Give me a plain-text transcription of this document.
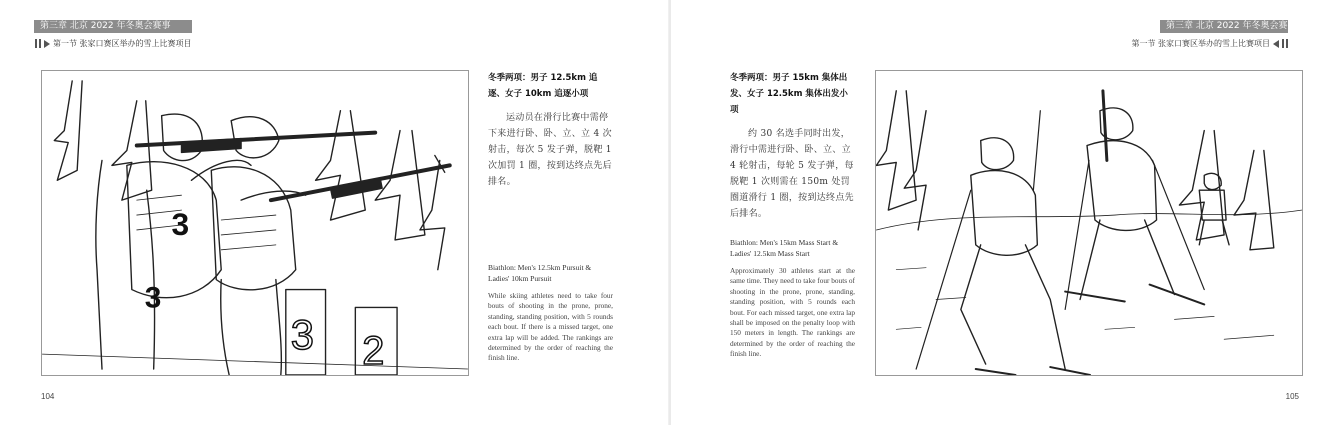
第三章 北京 2022 年冬奥会赛事
第一节 张家口赛区举办的雪上比赛项目
3
3
3 2
冬季两项：男子 12.5km 追逐、女子 10km 追逐小项
运动员在滑行比赛中需停下来进行卧、卧、立、立 4 次射击，每次 5 发子弹，脱靶 1 次加罚 1 圈，按到达终点先后排名。
Biathlon: Men's 12.5km Pursuit & Ladies' 10km Pursuit
While skiing athletes need to take four bouts of shooting in the prone, prone, standing, standing position, with 5 rounds each bout. If there is a missed target, one extra lap will be added. The rankings are determined by the order of reaching the finish line.
104
第三章 北京 2022 年冬奥会赛事
第一节 张家口赛区举办的雪上比赛项目
冬季两项：男子 15km 集体出发、女子 12.5km 集体出发小项
约 30 名选手同时出发，滑行中需进行卧、卧、立、立 4 轮射击，每轮 5 发子弹，每脱靶 1 次则需在 150m 处罚圈道滑行 1 圈，按到达终点先后排名。
Biathlon: Men's 15km Mass Start & Ladies' 12.5km Mass Start
Approximately 30 athletes start at the same time. They need to take four bouts of shooting in the prone, prone, standing, standing position, with 5 rounds each bout. For each missed target, one extra lap shall be imposed on the penalty loop with 150 meters in length. The rankings are determined by the order of reaching the finish line.
105
